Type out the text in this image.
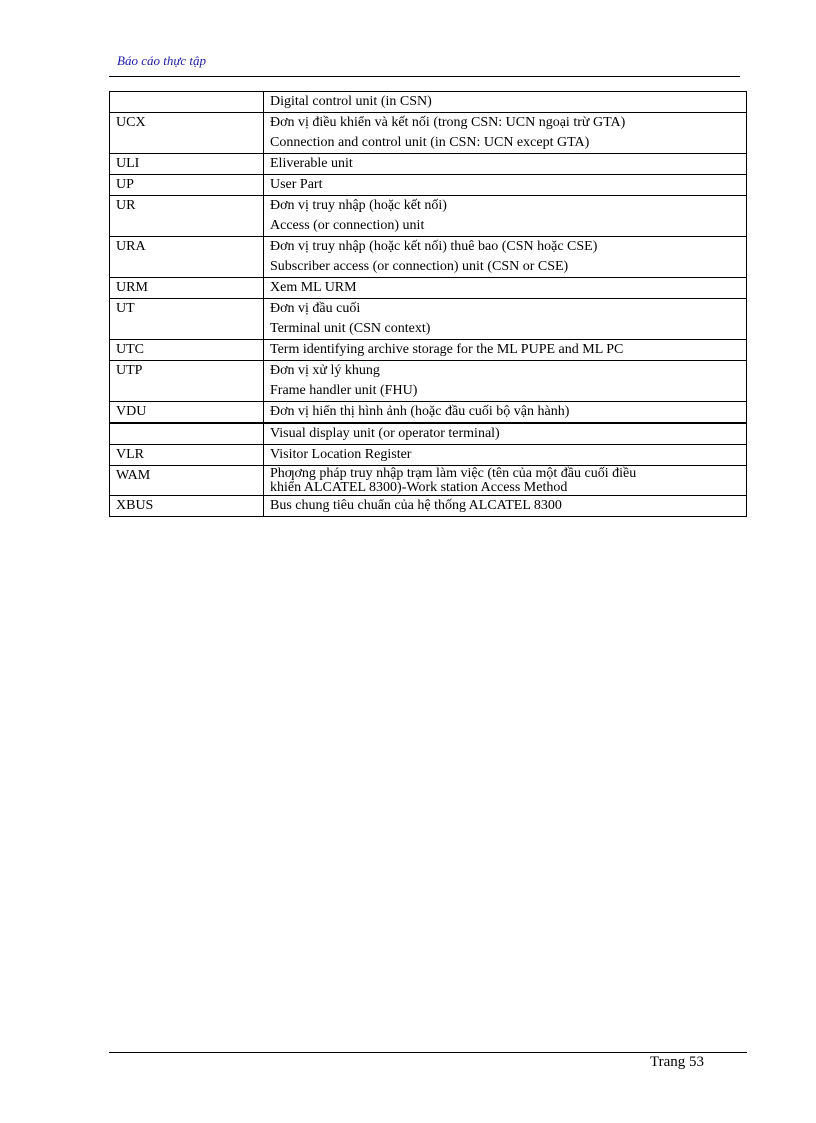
Báo cáo thực tập

	Digital control unit (in CSN)

UCX	Đơn vị điều khiển và kết nối (trong CSN: UCN ngoại trừ GTA)
Connection and control unit (in CSN: UCN except GTA)

ULI	Eliverable unit

UP	User Part

UR	Đơn vị truy nhập (hoặc kết nối)
Access (or connection) unit

URA	Đơn vị truy nhập (hoặc kết nối) thuê bao (CSN hoặc CSE)
Subscriber access (or connection) unit (CSN or CSE)

URM	Xem ML URM

UT	Đơn vị đầu cuối
Terminal unit (CSN context)

UTC	Term identifying archive storage for the ML PUPE and ML PC

UTP	Đơn vị xử lý khung
Frame handler unit (FHU)

VDU	Đơn vị hiển thị hình ảnh (hoặc đầu cuối bộ vận hành)

	Visual display unit (or operator terminal)

VLR	Visitor Location Register

WAM	Phƣơng pháp truy nhập trạm làm việc (tên của một đầu cuối điều
khiển ALCATEL 8300)-Work station Access Method

XBUS	Bus chung tiêu chuẩn của hệ thống ALCATEL 8300
Trang 53
